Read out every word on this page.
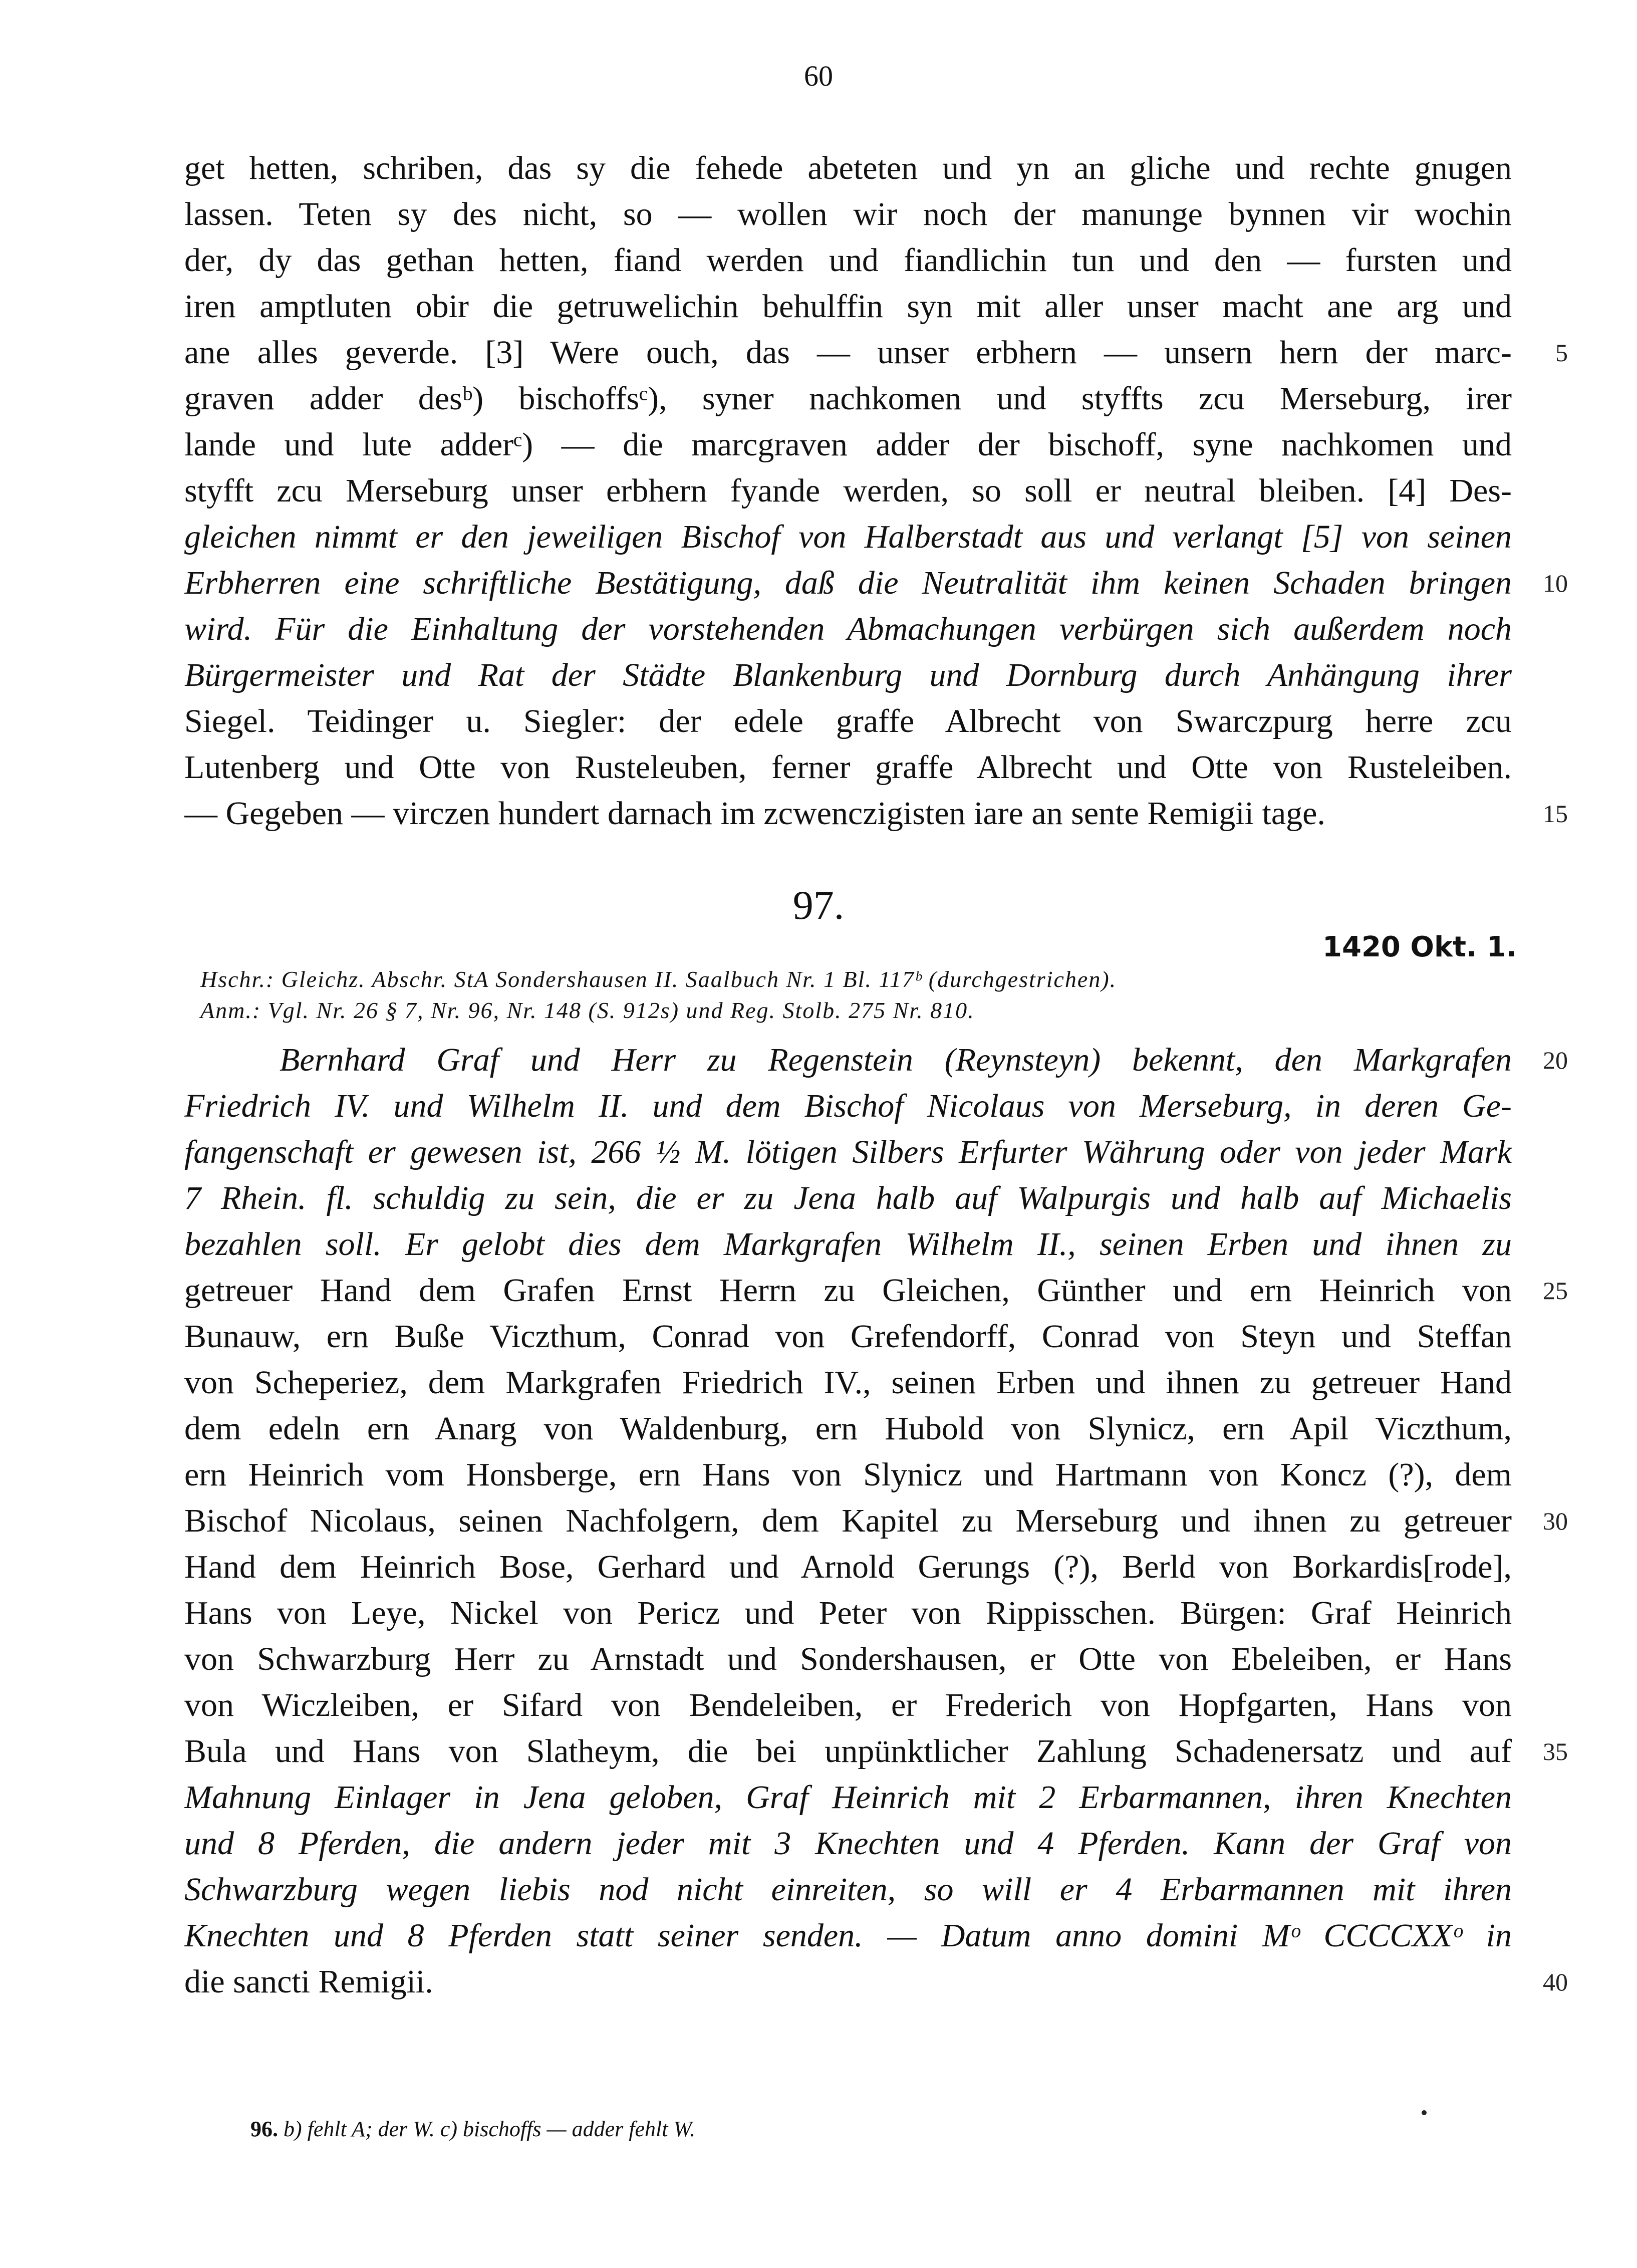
60
get hetten, schriben, das sy die fehede abeteten und yn an gliche und rechte gnugen
lassen. Teten sy des nicht, so — wollen wir noch der manunge bynnen vir wochin
der, dy das gethan hetten, fiand werden und fiandlichin tun und den — fursten und
iren amptluten obir die getruwelichin behulffin syn mit aller unser macht ane arg und
ane alles geverde. [3] Were ouch, das — unser erbhern — unsern hern der marc-
graven adder desᵇ) bischoffsᶜ), syner nachkomen und styffts zcu Merseburg, irer
lande und lute adderᶜ) — die marcgraven adder der bischoff, syne nachkomen und
styfft zcu Merseburg unser erbhern fyande werden, so soll er neutral bleiben. [4] Des-
gleichen nimmt er den jeweiligen Bischof von Halberstadt aus und verlangt [5] von seinen
Erbherren eine schriftliche Bestätigung, daß die Neutralität ihm keinen Schaden bringen
wird. Für die Einhaltung der vorstehenden Abmachungen verbürgen sich außerdem noch
Bürgermeister und Rat der Städte Blankenburg und Dornburg durch Anhängung ihrer
Siegel. Teidinger u. Siegler: der edele graffe Albrecht von Swarczpurg herre zcu
Lutenberg und Otte von Rusteleuben, ferner graffe Albrecht und Otte von Rusteleiben.
— Gegeben — virczen hundert darnach im zcwenczigisten iare an sente Remigii tage.
5
10
15
97.
1420 Okt. 1.
Hschr.: Gleichz. Abschr. StA Sondershausen II. Saalbuch Nr. 1 Bl. 117ᵇ (durchgestrichen).
Anm.: Vgl. Nr. 26 § 7, Nr. 96, Nr. 148 (S. 912s) und Reg. Stolb. 275 Nr. 810.
Bernhard Graf und Herr zu Regenstein (Reynsteyn) bekennt, den Markgrafen
Friedrich IV. und Wilhelm II. und dem Bischof Nicolaus von Merseburg, in deren Ge-
fangenschaft er gewesen ist, 266 ½ M. lötigen Silbers Erfurter Währung oder von jeder Mark
7 Rhein. fl. schuldig zu sein, die er zu Jena halb auf Walpurgis und halb auf Michaelis
bezahlen soll. Er gelobt dies dem Markgrafen Wilhelm II., seinen Erben und ihnen zu
getreuer Hand dem Grafen Ernst Herrn zu Gleichen, Günther und ern Heinrich von
Bunauw, ern Buße Viczthum, Conrad von Grefendorff, Conrad von Steyn und Steffan
von Scheperiez, dem Markgrafen Friedrich IV., seinen Erben und ihnen zu getreuer Hand
dem edeln ern Anarg von Waldenburg, ern Hubold von Slynicz, ern Apil Viczthum,
ern Heinrich vom Honsberge, ern Hans von Slynicz und Hartmann von Koncz (?), dem
Bischof Nicolaus, seinen Nachfolgern, dem Kapitel zu Merseburg und ihnen zu getreuer
Hand dem Heinrich Bose, Gerhard und Arnold Gerungs (?), Berld von Borkardis[rode],
Hans von Leye, Nickel von Pericz und Peter von Rippisschen. Bürgen: Graf Heinrich
von Schwarzburg Herr zu Arnstadt und Sondershausen, er Otte von Ebeleiben, er Hans
von Wiczleiben, er Sifard von Bendeleiben, er Frederich von Hopfgarten, Hans von
Bula und Hans von Slatheym, die bei unpünktlicher Zahlung Schadenersatz und auf
Mahnung Einlager in Jena geloben, Graf Heinrich mit 2 Erbarmannen, ihren Knechten
und 8 Pferden, die andern jeder mit 3 Knechten und 4 Pferden. Kann der Graf von
Schwarzburg wegen liebis nod nicht einreiten, so will er 4 Erbarmannen mit ihren
Knechten und 8 Pferden statt seiner senden. — Datum anno domini Mᵒ CCCCXXᵒ in
die sancti Remigii.
20
25
30
35
40
96. b) fehlt A; der W. c) bischoffs — adder fehlt W.
